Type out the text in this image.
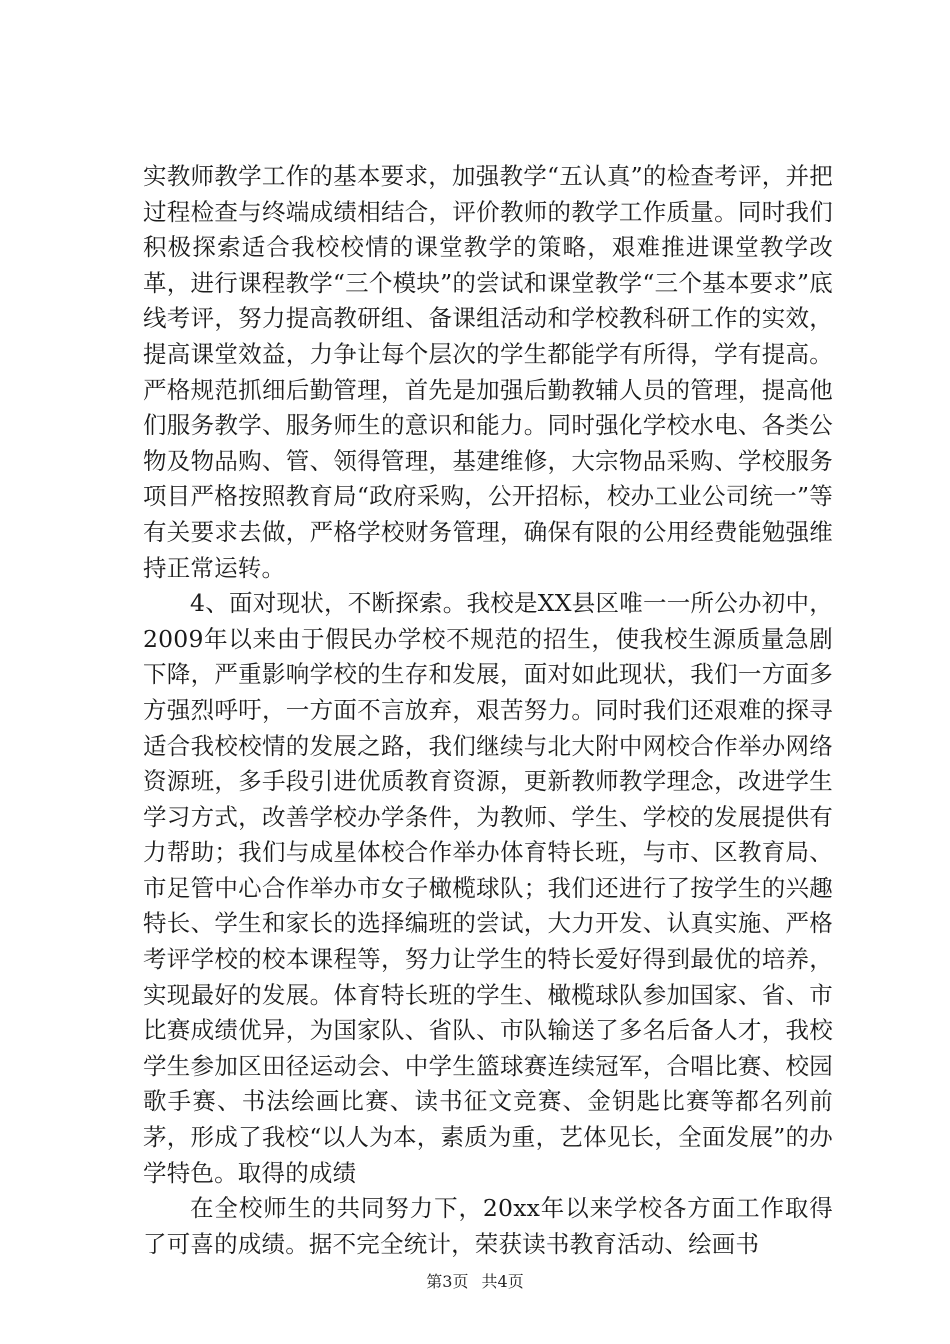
实教师教学工作的基本要求，加强教学“五认真”的检查考评，并把过程检查与终端成绩相结合，评价教师的教学工作质量。同时我们积极探索适合我校校情的课堂教学的策略，艰难推进课堂教学改革，进行课程教学“三个模块”的尝试和课堂教学“三个基本要求”底线考评，努力提高教研组、备课组活动和学校教科研工作的实效，提高课堂效益，力争让每个层次的学生都能学有所得，学有提高。严格规范抓细后勤管理，首先是加强后勤教辅人员的管理，提高他们服务教学、服务师生的意识和能力。同时强化学校水电、各类公物及物品购、管、领得管理，基建维修，大宗物品采购、学校服务项目严格按照教育局“政府采购，公开招标，校办工业公司统一”等有关要求去做，严格学校财务管理，确保有限的公用经费能勉强维持正常运转。

4、面对现状，不断探索。我校是XX县区唯一一所公办初中，2009年以来由于假民办学校不规范的招生，使我校生源质量急剧下降，严重影响学校的生存和发展，面对如此现状，我们一方面多方强烈呼吁，一方面不言放弃，艰苦努力。同时我们还艰难的探寻适合我校校情的发展之路，我们继续与北大附中网校合作举办网络资源班，多手段引进优质教育资源，更新教师教学理念，改进学生学习方式，改善学校办学条件，为教师、学生、学校的发展提供有力帮助；我们与成星体校合作举办体育特长班，与市、区教育局、市足管中心合作举办市女子橄榄球队；我们还进行了按学生的兴趣特长、学生和家长的选择编班的尝试，大力开发、认真实施、严格考评学校的校本课程等，努力让学生的特长爱好得到最优的培养，实现最好的发展。体育特长班的学生、橄榄球队参加国家、省、市比赛成绩优异，为国家队、省队、市队输送了多名后备人才，我校学生参加区田径运动会、中学生篮球赛连续冠军，合唱比赛、校园歌手赛、书法绘画比赛、读书征文竞赛、金钥匙比赛等都名列前茅，形成了我校“以人为本，素质为重，艺体见长，全面发展”的办学特色。取得的成绩

在全校师生的共同努力下，20xx年以来学校各方面工作取得了可喜的成绩。据不完全统计，荣获读书教育活动、绘画书

第3页 共4页
